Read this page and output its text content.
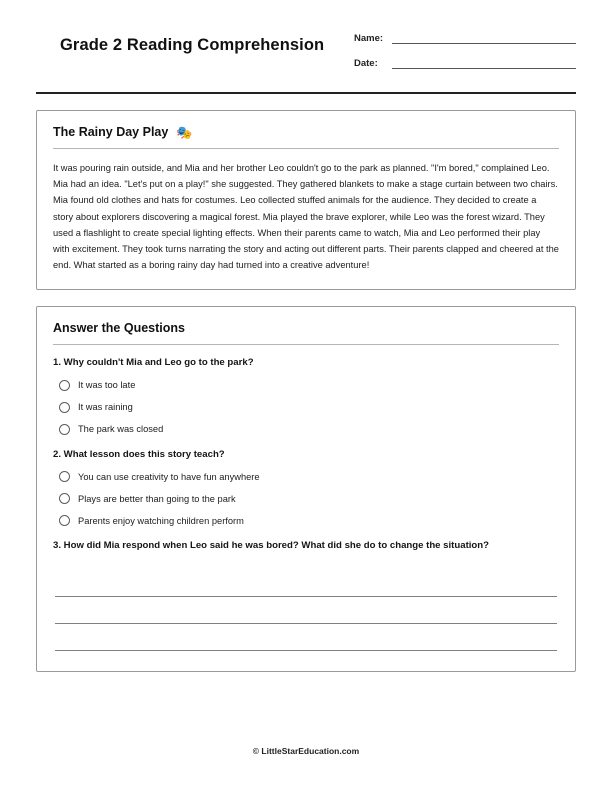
Grade 2 Reading Comprehension	Name:
Date:
The Rainy Day Play 🎭
It was pouring rain outside, and Mia and her brother Leo couldn't go to the park as planned. "I'm bored," complained Leo. Mia had an idea. "Let's put on a play!" she suggested. They gathered blankets to make a stage curtain between two chairs. Mia found old clothes and hats for costumes. Leo collected stuffed animals for the audience. They decided to create a story about explorers discovering a magical forest. Mia played the brave explorer, while Leo was the forest wizard. They used a flashlight to create special lighting effects. When their parents came to watch, Mia and Leo performed their play with excitement. They took turns narrating the story and acting out different parts. Their parents clapped and cheered at the end. What started as a boring rainy day had turned into a creative adventure!
Answer the Questions
1. Why couldn't Mia and Leo go to the park?
It was too late
It was raining
The park was closed
2. What lesson does this story teach?
You can use creativity to have fun anywhere
Plays are better than going to the park
Parents enjoy watching children perform
3. How did Mia respond when Leo said he was bored? What did she do to change the situation?
© LittleStarEducation.com
